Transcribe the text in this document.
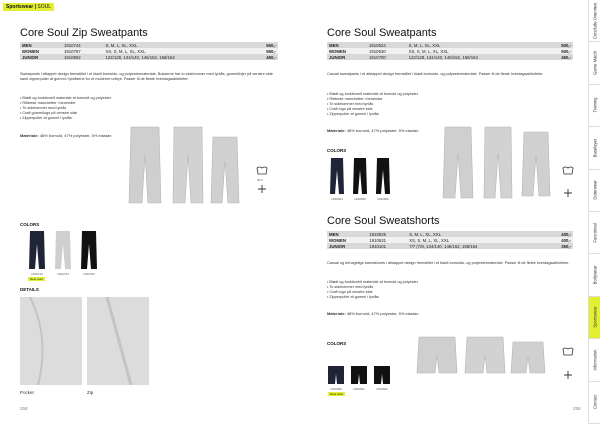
Sportswear | SOUL
Core Soul Zip Sweatpants
MEN	1910744	S, M, L, XL, XXL	550,-
WOMEN	1910767	XS, S, M, L, XL, XXL	550,-
JUNIOR	1910902	122/128, 134/140, 146/152, 158/164	450,-
Sweatpants i aftappet design fremstillet i et blødt bomulds- og polyestermateriale. Bukserne har to sidelommer med lynlås, gummilinjer på venstre side samt zipperpuller af gummi i lynlåsene for et moderne udtryk. Passer til de fleste hverdagsaktiviteter.
• Blødt og funktionelt materiale af bomuld og polyester
• Ribbede manchetter i benender
• To sidelommer med lynlås
• Craft gummilogo på venstre side
• Zipperpuller af gummi i lynlås
Materiale: 48% bomuld, 47% polyester, 5% elastan
40°C
COLORS
1910744	1910724	1910702
New color
DETAILS
Pocket	Zip
258
Core Soul Sweatpants
MEN	1910624	S, M, L, XL, XXL	500,-
WOMEN	1910630	XS, S, M, L, XL, XXL	500,-
JUNIOR	1910700	122/128, 134/140, 146/152, 158/164	450,-
Casual sweatpants i et afslappet design fremstillet i blødt bomulds- og polyestermateriale. Passer til de fleste hverdagsaktiviteter.
• Blødt og funktionelt materiale af bomuld og polyester
• Ribbede manchetter i benender
• To sidelommer med lynlås
• Craft logo på venstre side
• Zipperpuller af gummi i lynlås
Materiale: 48% bomuld, 47% polyester, 5% elastan
COLORS
1910624	1910650	1910602
Core Soul Sweatshorts
MEN	1910625	S, M, L, XL, XXL	400,-
WOMEN	1910631	XS, S, M, L, XL, XXL	400,-
JUNIOR	1910101	7/7 (7/8, 134/140, 146/152, 158/164	350,-
Casual og behagelige sweatshorts i afslappet design fremstillet i et blødt bomulds- og polyestermateriale. Passer til de fleste hverdagsaktiviteter.
• Blødt og funktionelt materiale af bomuld og polyester
• To sidelommer med lynlås
• Craft logo på venstre side
• Zipperpuller af gummi i lynlås
Materiale: 48% bomuld, 47% polyester, 5% elastan
COLORS
1910625	1910631	1910602
New color
259
Conclude Overview
Game Match
Training
Baselayer
Outerwear
Functional
Bodywear
Sportswear
Information
Contact
